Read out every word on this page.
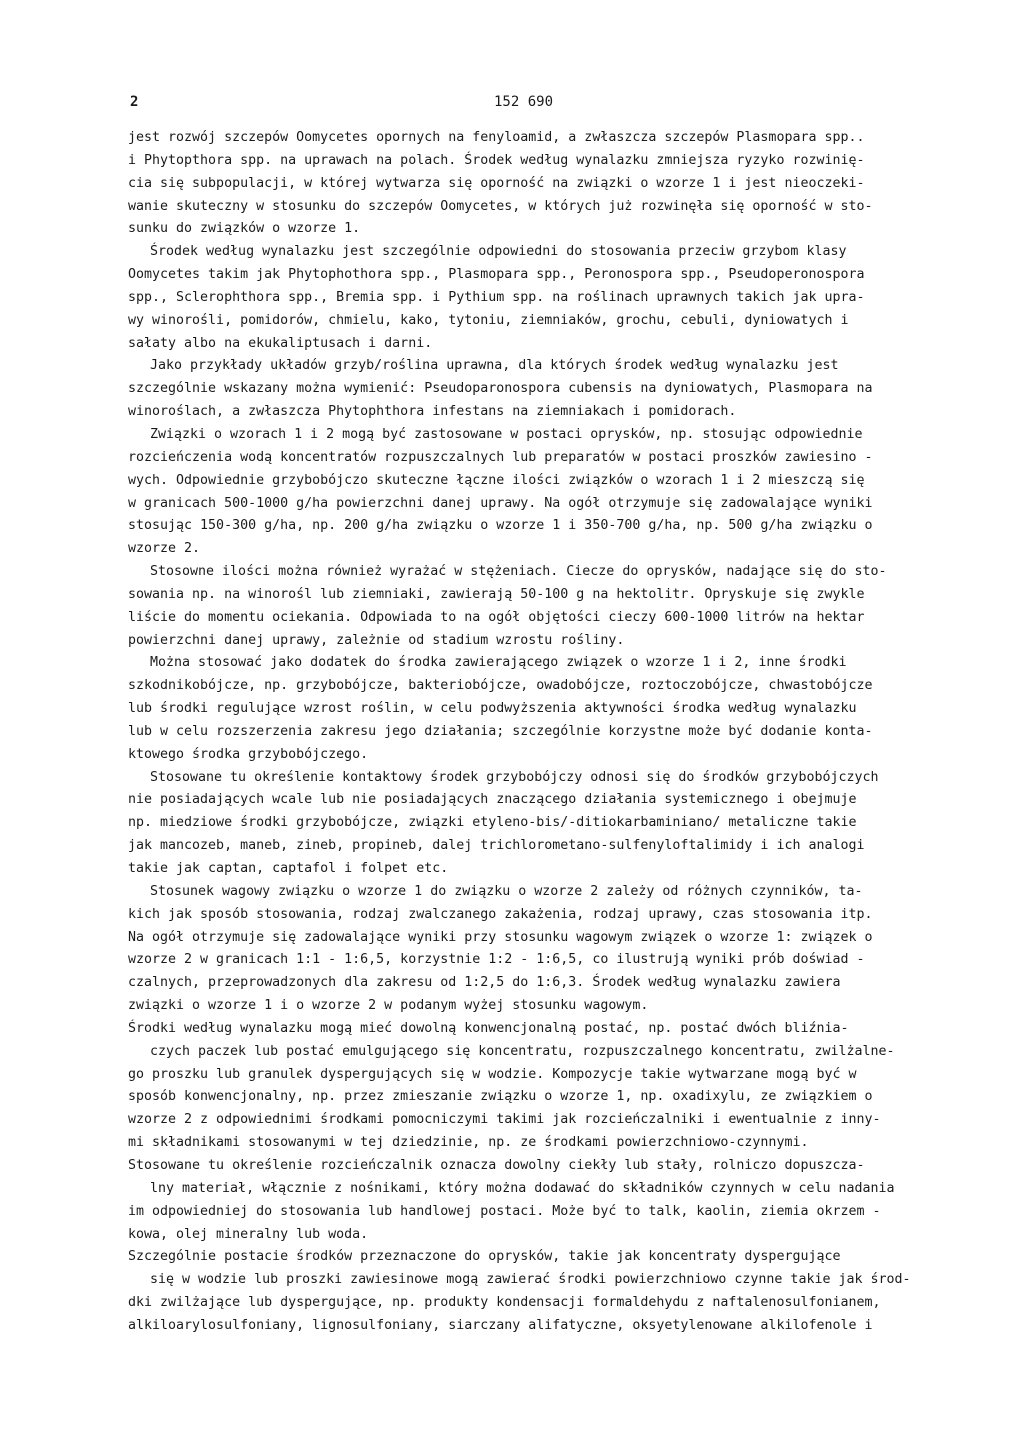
2	152 690
jest rozwój szczepów Oomycetes opornych na fenyloamid, a zwłaszcza szczepów Plasmopara spp..
i Phytopthora spp. na uprawach na polach. Środek według wynalazku zmniejsza ryzyko rozwinię-
cia się subpopulacji, w której wytwarza się oporność na związki o wzorze 1 i jest nieoczeki-
wanie skuteczny w stosunku do szczepów Oomycetes, w których już rozwinęła się oporność w sto-
sunku do związków o wzorze 1.
Środek według wynalazku jest szczególnie odpowiedni do stosowania przeciw grzybom klasy
Oomycetes takim jak Phytophothora spp., Plasmopara spp., Peronospora spp., Pseudoperonospora
spp., Sclerophthora spp., Bremia spp. i Pythium spp. na roślinach uprawnych takich jak upra-
wy winorośli, pomidorów, chmielu, kako, tytoniu, ziemniaków, grochu, cebuli, dyniowatych i
sałaty albo na ekukaliptusach i darni.
Jako przykłady układów grzyb/roślina uprawna, dla których środek według wynalazku jest
szczególnie wskazany można wymienić: Pseudoparonospora cubensis na dyniowatych, Plasmopara na
winoroślach, a zwłaszcza Phytophthora infestans na ziemniakach i pomidorach.
Związki o wzorach 1 i 2 mogą być zastosowane w postaci oprysków, np. stosując odpowiednie
rozcieńczenia wodą koncentratów rozpuszczalnych lub preparatów w postaci proszków zawiesino -
wych. Odpowiednie grzybobójczo skuteczne łączne ilości związków o wzorach 1 i 2 mieszczą się
w granicach 500-1000 g/ha powierzchni danej uprawy. Na ogół otrzymuje się zadowalające wyniki
stosując 150-300 g/ha, np. 200 g/ha związku o wzorze 1 i 350-700 g/ha, np. 500 g/ha związku o
wzorze 2.
Stosowne ilości można również wyrażać w stężeniach. Ciecze do oprysków, nadające się do sto-
sowania np. na winorośl lub ziemniaki, zawierają 50-100 g na hektolitr. Opryskuje się zwykle
liście do momentu ociekania. Odpowiada to na ogół objętości cieczy 600-1000 litrów na hektar
powierzchni danej uprawy, zależnie od stadium wzrostu rośliny.
Można stosować jako dodatek do środka zawierającego związek o wzorze 1 i 2, inne środki
szkodnikobójcze, np. grzybobójcze, bakteriobójcze, owadobójcze, roztoczobójcze, chwastobójcze
lub środki regulujące wzrost roślin, w celu podwyższenia aktywności środka według wynalazku
lub w celu rozszerzenia zakresu jego działania; szczególnie korzystne może być dodanie konta-
ktowego środka grzybobójczego.
Stosowane tu określenie kontaktowy środek grzybobójczy odnosi się do środków grzybobójczych
nie posiadających wcale lub nie posiadających znaczącego działania systemicznego i obejmuje
np. miedziowe środki grzybobójcze, związki etyleno-bis/-ditiokarbaminiano/ metaliczne takie
jak mancozeb, maneb, zineb, propineb, dalej trichlorometano-sulfenyloftalimidy i ich analogi
takie jak captan, captafol i folpet etc.
Stosunek wagowy związku o wzorze 1 do związku o wzorze 2 zależy od różnych czynników, ta-
kich jak sposób stosowania, rodzaj zwalczanego zakażenia, rodzaj uprawy, czas stosowania itp.
Na ogół otrzymuje się zadowalające wyniki przy stosunku wagowym związek o wzorze 1: związek o
wzorze 2 w granicach 1:1 - 1:6,5, korzystnie 1:2 - 1:6,5, co ilustrują wyniki prób doświad -
czalnych, przeprowadzonych dla zakresu od 1:2,5 do 1:6,3. Środek według wynalazku zawiera
związki o wzorze 1 i o wzorze 2 w podanym wyżej stosunku wagowym.
Środki według wynalazku mogą mieć dowolną konwencjonalną postać, np. postać dwóch bliźnia-
czych paczek lub postać emulgującego się koncentratu, rozpuszczalnego koncentratu, zwilżalne-
go proszku lub granulek dyspergujących się w wodzie. Kompozycje takie wytwarzane mogą być w
sposób konwencjonalny, np. przez zmieszanie związku o wzorze 1, np. oxadixylu, ze związkiem o
wzorze 2 z odpowiednimi środkami pomocniczymi takimi jak rozcieńczalniki i ewentualnie z inny-
mi składnikami stosowanymi w tej dziedzinie, np. ze środkami powierzchniowo-czynnymi.
Stosowane tu określenie rozcieńczalnik oznacza dowolny ciekły lub stały, rolniczo dopuszcza-
lny materiał, włącznie z nośnikami, który można dodawać do składników czynnych w celu nadania
im odpowiedniej do stosowania lub handlowej postaci. Może być to talk, kaolin, ziemia okrzem -
kowa, olej mineralny lub woda.
Szczególnie postacie środków przeznaczone do oprysków, takie jak koncentraty dyspergujące
się w wodzie lub proszki zawiesinowe mogą zawierać środki powierzchniowo czynne takie jak środ-
dki zwilżające lub dyspergujące, np. produkty kondensacji formaldehydu z naftalenosulfonianem,
alkiloarylosulfoniany, lignosulfoniany, siarczany alifatyczne, oksyetylenowane alkilofenole i
